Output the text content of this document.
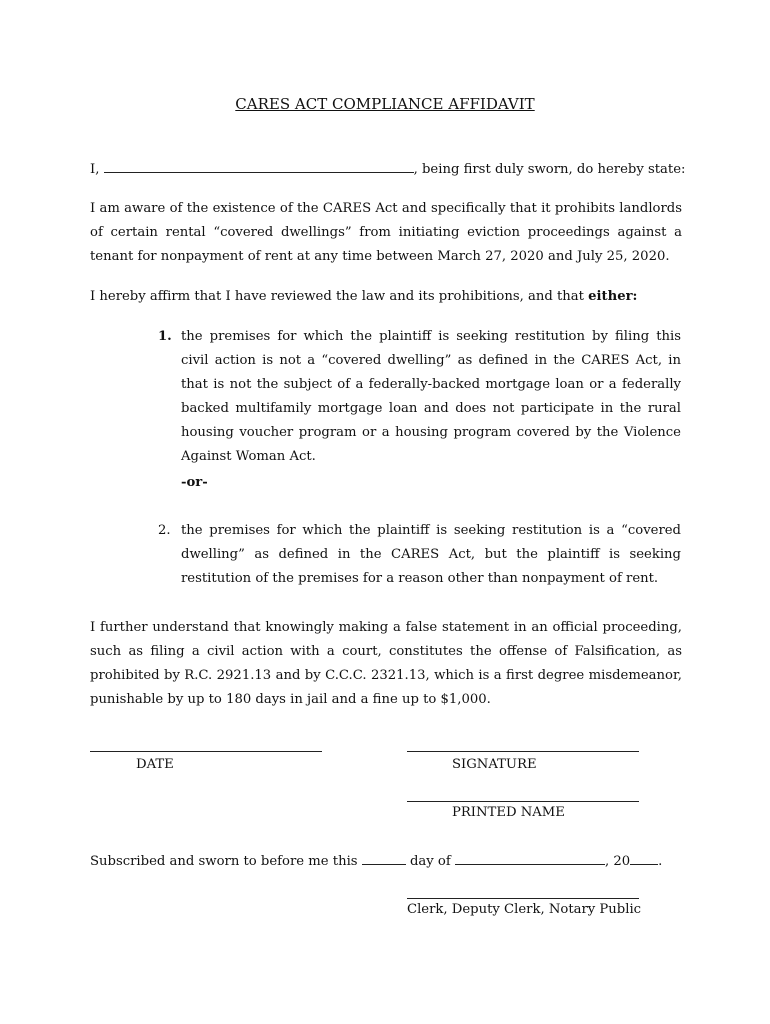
CARES ACT COMPLIANCE AFFIDAVIT
I,	, being first duly sworn, do hereby state:
I am aware of the existence of the CARES Act and specifically that it prohibits landlords of certain rental “covered dwellings” from initiating eviction proceedings against a tenant for nonpayment of rent at any time between March 27, 2020 and July 25, 2020.
I hereby affirm that I have reviewed the law and its prohibitions, and that either:
1. the premises for which the plaintiff is seeking restitution by filing this civil action is not a “covered dwelling” as defined in the CARES Act, in that is not the subject of a federally-backed mortgage loan or a federally backed multifamily mortgage loan and does not participate in the rural housing voucher program or a housing program covered by the Violence Against Woman Act.
-or-
2. the premises for which the plaintiff is seeking restitution is a “covered dwelling” as defined in the CARES Act, but the plaintiff is seeking restitution of the premises for a reason other than nonpayment of rent.
I further understand that knowingly making a false statement in an official proceeding, such as filing a civil action with a court, constitutes the offense of Falsification, as prohibited by R.C. 2921.13 and by C.C.C. 2321.13, which is a first degree misdemeanor, punishable by up to 180 days in jail and a fine up to $1,000.
DATE	SIGNATURE
PRINTED NAME
Subscribed and sworn to before me this	day of	, 20 .
Clerk, Deputy Clerk, Notary Public
